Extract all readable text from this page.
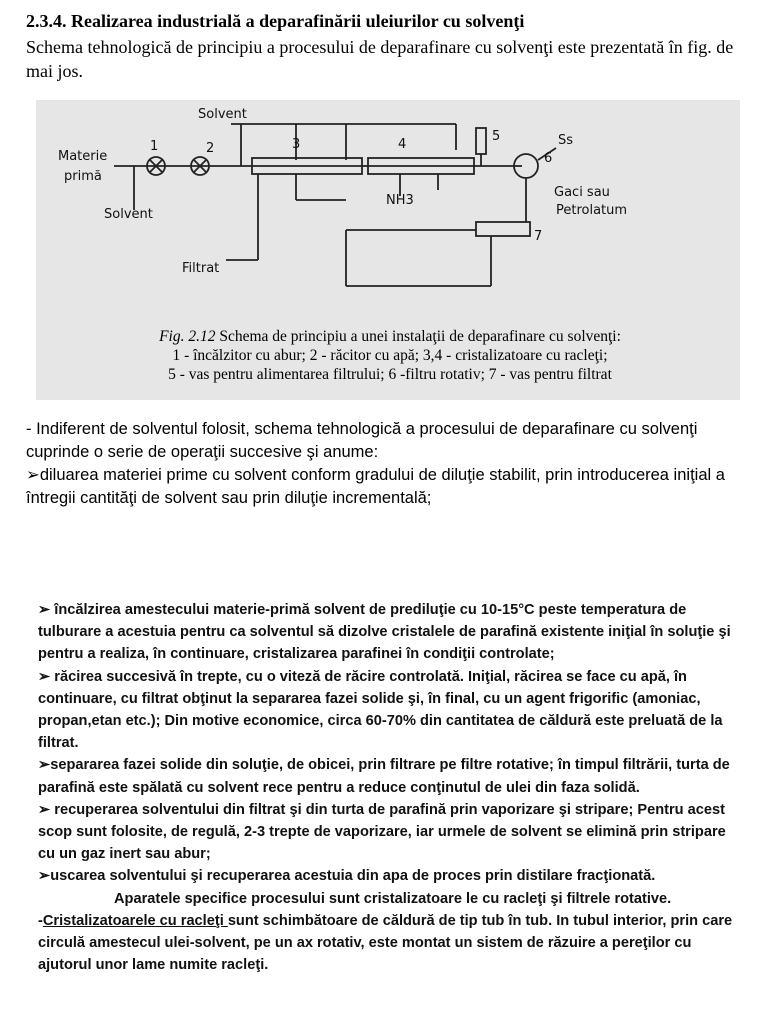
2.3.4. Realizarea industrială a deparafinării uleiurilor cu solvenţi
Schema tehnologică de principiu a procesului de deparafinare cu solvenţi este prezentată în fig. de mai jos.
Solvent
Materie
primă
Solvent
Filtrat
NH3
Ss
Gaci sau
Petrolatum
1	2	3	4
5
6
7
Fig. 2.12 Schema de principiu a unei instalaţii de deparafinare cu solvenţi:
1 - încălzitor cu abur; 2 - răcitor cu apă; 3,4 - cristalizatoare cu racleţi;
5 - vas pentru alimentarea filtrului; 6 -filtru rotativ; 7 - vas pentru filtrat

- Indiferent de solventul folosit, schema tehnologică a procesului de deparafinare cu solvenţi cuprinde o serie de operaţii succesive şi anume:

➢diluarea materiei prime cu solvent conform gradului de diluţie stabilit, prin introducerea iniţial a întregii cantităţi de solvent sau prin diluţie incrementală;

➢ încălzirea amestecului materie-primă solvent de prediluţie cu 10-15°C peste temperatura de tulburare a acestuia pentru ca solventul să dizolve cristalele de parafină existente iniţial în soluţie şi pentru a realiza, în continuare, cristalizarea parafinei în condiţii controlate;

➢ răcirea succesivă în trepte, cu o viteză de răcire controlată. Iniţial, răcirea se face cu apă, în continuare, cu filtrat obţinut la separarea fazei solide şi, în final, cu un agent frigorific (amoniac, propan,etan etc.); Din motive economice, circa 60-70% din cantitatea de căldură este preluată de la filtrat.

➢separarea fazei solide din soluţie, de obicei, prin filtrare pe filtre rotative; în timpul filtrării, turta de parafină este spălată cu solvent rece pentru a reduce conţinutul de ulei din faza solidă.

➢ recuperarea solventului din filtrat şi din turta de parafină prin vaporizare şi stripare; Pentru acest scop sunt folosite, de regulă, 2-3 trepte de vaporizare, iar urmele de solvent se elimină prin stripare cu un gaz inert sau abur;

➢uscarea solventului şi recuperarea acestuia din apa de proces prin distilare fracţionată.

Aparatele specifice procesului sunt cristalizatoare le cu racleţi şi filtrele rotative.

-Cristalizatoarele cu racleţi sunt schimbătoare de căldură de tip tub în tub. In tubul interior, prin care circulă amestecul ulei-solvent, pe un ax rotativ, este montat un sistem de răzuire a pereţilor cu ajutorul unor lame numite racleţi.
